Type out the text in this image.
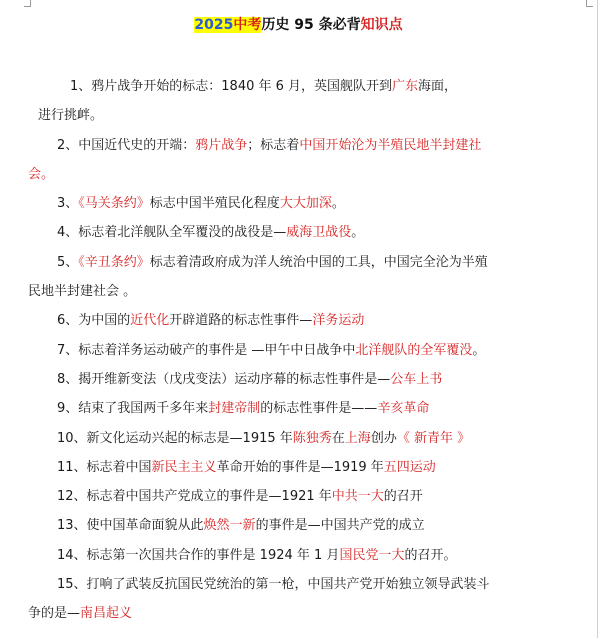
2025中考历史 95 条必背知识点

1、鸦片战争开始的标志：1840 年 6 月，英国舰队开到广东海面，
进行挑衅。

2、中国近代史的开端：鸦片战争；标志着中国开始沦为半殖民地半封建社会。

3、《马关条约》标志中国半殖民化程度大大加深。

4、标志着北洋舰队全军覆没的战役是—威海卫战役。

5、《辛丑条约》标志着清政府成为洋人统治中国的工具，中国完全沦为半殖民地半封建社会 。

6、为中国的近代化开辟道路的标志性事件—洋务运动

7、标志着洋务运动破产的事件是 —甲午中日战争中北洋舰队的全军覆没。

8、揭开维新变法（戊戌变法）运动序幕的标志性事件是—公车上书

9、结束了我国两千多年来封建帝制的标志性事件是——辛亥革命

10、新文化运动兴起的标志是—1915 年陈独秀在上海创办《 新青年 》

11、标志着中国新民主主义革命开始的事件是—1919 年五四运动

12、标志着中国共产党成立的事件是—1921 年中共一大的召开

13、使中国革命面貌从此焕然一新的事件是—中国共产党的成立

14、标志第一次国共合作的事件是 1924 年 1 月国民党一大的召开。

15、打响了武装反抗国民党统治的第一枪，中国共产党开始独立领导武装斗争的是—南昌起义
